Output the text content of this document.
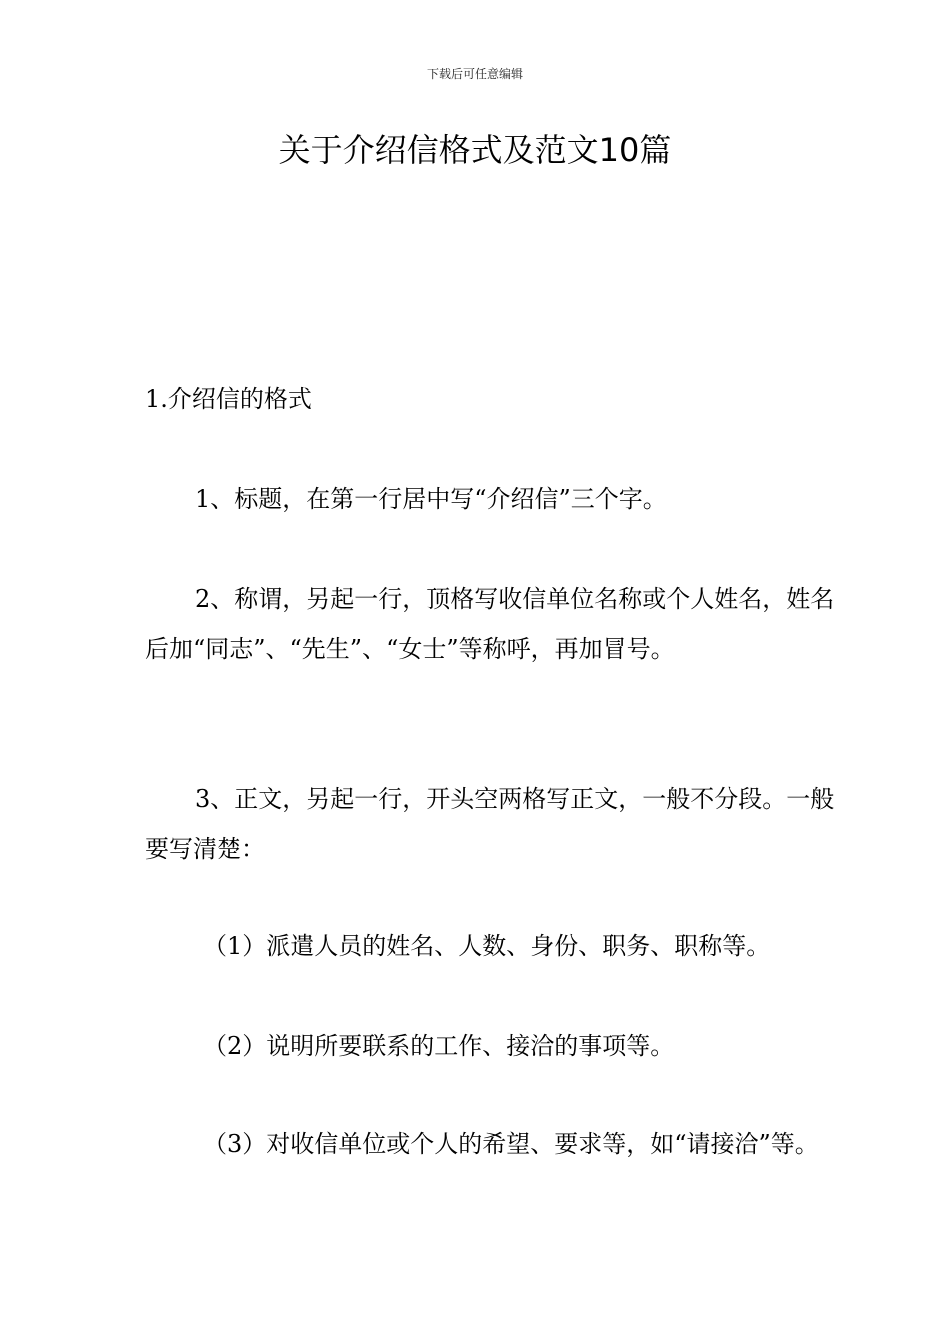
下载后可任意编辑
关于介绍信格式及范文10篇

1.介绍信的格式

1、标题，在第一行居中写“介绍信”三个字。

2、称谓，另起一行，顶格写收信单位名称或个人姓名，姓名后加“同志”、“先生”、“女士”等称呼，再加冒号。

3、正文，另起一行，开头空两格写正文，一般不分段。一般要写清楚：

（1）派遣人员的姓名、人数、身份、职务、职称等。

（2）说明所要联系的工作、接洽的事项等。

（3）对收信单位或个人的希望、要求等，如“请接洽”等。
